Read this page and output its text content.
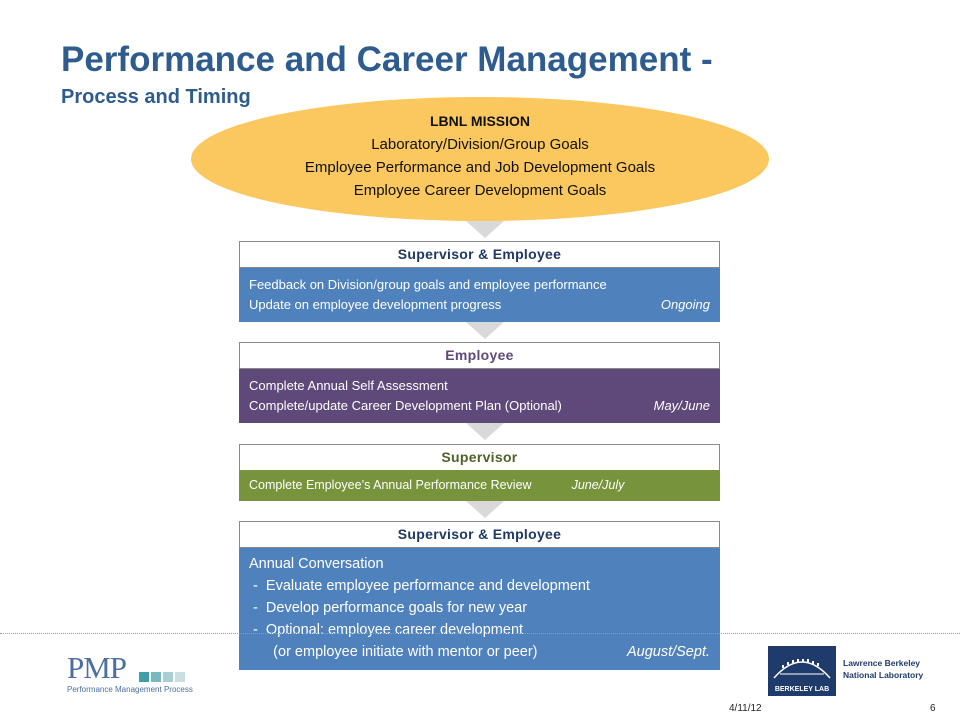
Performance and Career Management -
Process and Timing
LBNL MISSION
Laboratory/Division/Group Goals
Employee Performance and Job Development Goals
Employee Career Development Goals
Supervisor & Employee
Feedback on Division/group goals and employee performance
Update on employee development progress	Ongoing
Employee
Complete Annual Self Assessment
Complete/update Career Development Plan (Optional)	May/June
Supervisor
Complete Employee’s Annual Performance Review	June/July
Supervisor & Employee
Annual Conversation
-  Evaluate employee performance and development
-  Develop performance goals for new year
-  Optional: employee career development
(or employee initiate with mentor or peer)	August/Sept.
PMP
Performance Management Process	BERKELEY LAB
Lawrence Berkeley
National Laboratory
4/11/12	6
